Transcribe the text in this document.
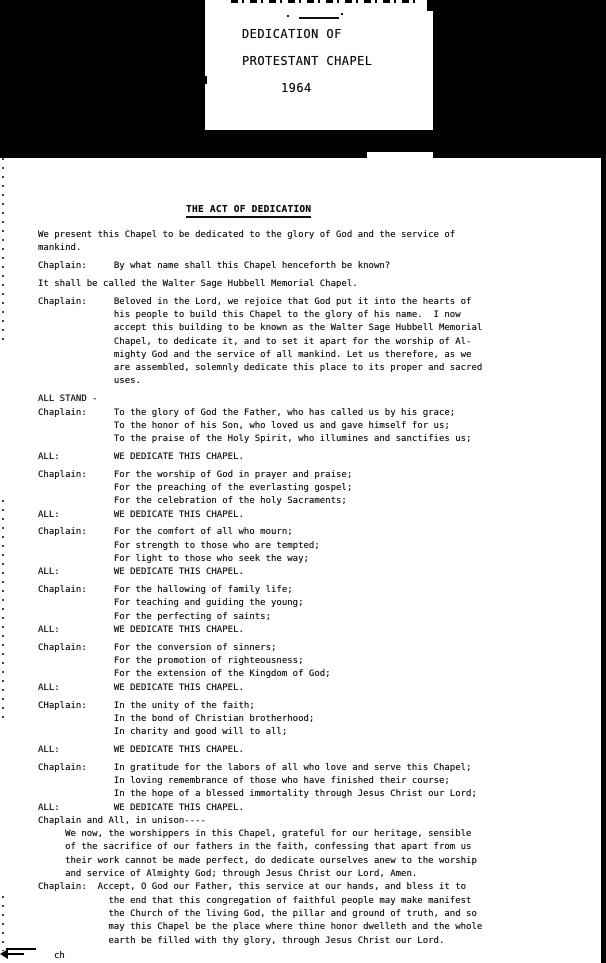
DEDICATION OF
PROTESTANT CHAPEL
1964
THE ACT OF DEDICATION
We present this Chapel to be dedicated to the glory of God and the service of
mankind.
Chaplain:     By what name shall this Chapel henceforth be known?
It shall be called the Walter Sage Hubbell Memorial Chapel.
Chaplain:     Beloved in the Lord, we rejoice that God put it into the hearts of
his people to build this Chapel to the glory of his name.  I now
accept this building to be known as the Walter Sage Hubbell Memorial
Chapel, to dedicate it, and to set it apart for the worship of Al-
mighty God and the service of all mankind. Let us therefore, as we
are assembled, solemnly dedicate this place to its proper and sacred
uses.
ALL STAND -
Chaplain:     To the glory of God the Father, who has called us by his grace;
To the honor of his Son, who loved us and gave himself for us;
To the praise of the Holy Spirit, who illumines and sanctifies us;
ALL:          WE DEDICATE THIS CHAPEL.
Chaplain:     For the worship of God in prayer and praise;
For the preaching of the everlasting gospel;
For the celebration of the holy Sacraments;
ALL:          WE DEDICATE THIS CHAPEL.
Chaplain:     For the comfort of all who mourn;
For strength to those who are tempted;
For light to those who seek the way;
ALL:          WE DEDICATE THIS CHAPEL.
Chaplain:     For the hallowing of family life;
For teaching and guiding the young;
For the perfecting of saints;
ALL:          WE DEDICATE THIS CHAPEL.
Chaplain:     For the conversion of sinners;
For the promotion of righteousness;
For the extension of the Kingdom of God;
ALL:          WE DEDICATE THIS CHAPEL.
CHaplain:     In the unity of the faith;
In the bond of Christian brotherhood;
In charity and good will to all;
ALL:          WE DEDICATE THIS CHAPEL.
Chaplain:     In gratitude for the labors of all who love and serve this Chapel;
In loving remembrance of those who have finished their course;
In the hope of a blessed immortality through Jesus Christ our Lord;
ALL:          WE DEDICATE THIS CHAPEL.
Chaplain and All, in unison----
We now, the worshippers in this Chapel, grateful for our heritage, sensible
of the sacrifice of our fathers in the faith, confessing that apart from us
their work cannot be made perfect, do dedicate ourselves anew to the worship
and service of Almighty God; through Jesus Christ our Lord, Amen.
Chaplain:  Accept, O God our Father, this service at our hands, and bless it to
the end that this congregation of faithful people may make manifest
the Church of the living God, the pillar and ground of truth, and so
may this Chapel be the place where thine honor dwelleth and the whole
earth be filled with thy glory, through Jesus Christ our Lord.
ch
